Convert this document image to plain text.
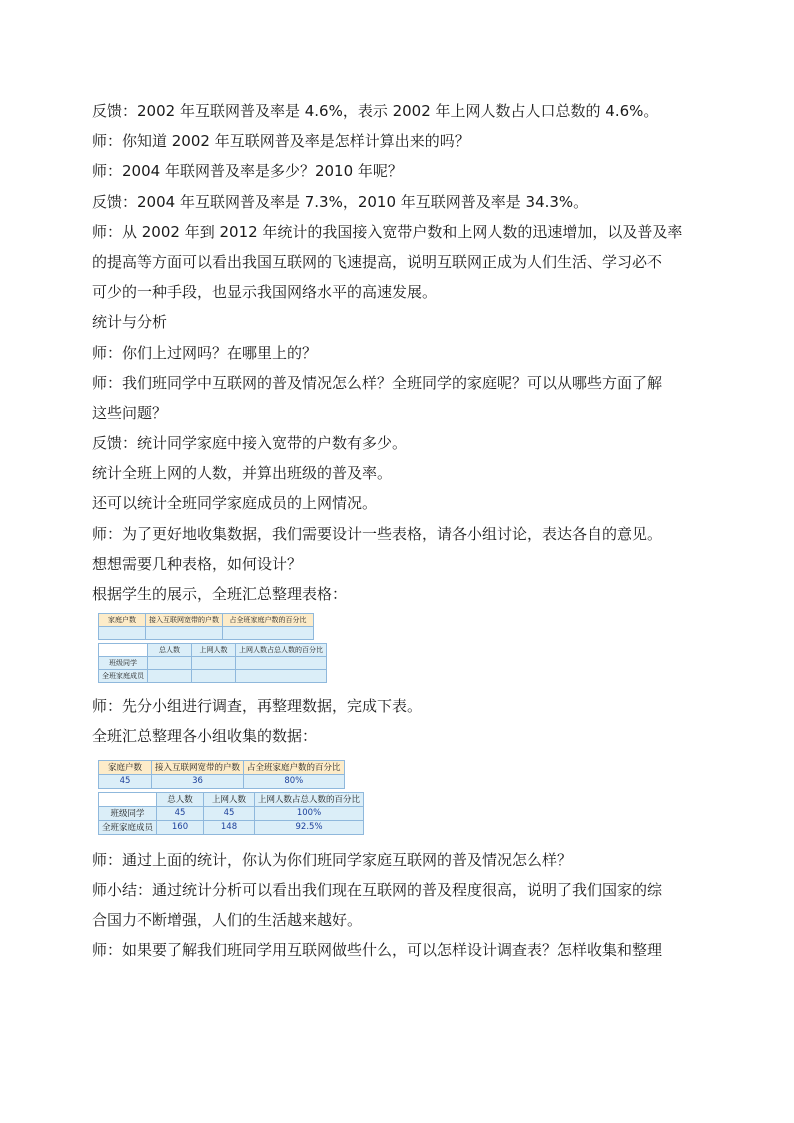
反馈：2002 年互联网普及率是 4.6%，表示 2002 年上网人数占人口总数的 4.6%。
师：你知道 2002 年互联网普及率是怎样计算出来的吗？
师：2004 年联网普及率是多少？2010 年呢？
反馈：2004 年互联网普及率是 7.3%，2010 年互联网普及率是 34.3%。
师：从 2002 年到 2012 年统计的我国接入宽带户数和上网人数的迅速增加，以及普及率
的提高等方面可以看出我国互联网的飞速提高，说明互联网正成为人们生活、学习必不
可少的一种手段，也显示我国网络水平的高速发展。
统计与分析
师：你们上过网吗？在哪里上的？
师：我们班同学中互联网的普及情况怎么样？全班同学的家庭呢？可以从哪些方面了解
这些问题？
反馈：统计同学家庭中接入宽带的户数有多少。
统计全班上网的人数，并算出班级的普及率。
还可以统计全班同学家庭成员的上网情况。
师：为了更好地收集数据，我们需要设计一些表格，请各小组讨论，表达各自的意见。
想想需要几种表格，如何设计？
根据学生的展示，全班汇总整理表格：
家庭户数	接入互联网宽带的户数	占全班家庭户数的百分比

	总人数	上网人数	上网人数占总人数的百分比
班级同学			
全班家庭成员			
师：先分小组进行调查，再整理数据，完成下表。
全班汇总整理各小组收集的数据：
家庭户数	接入互联网宽带的户数	占全班家庭户数的百分比
45	36	80%
	总人数	上网人数	上网人数占总人数的百分比
班级同学	45	45	100%
全班家庭成员	160	148	92.5%
师：通过上面的统计，你认为你们班同学家庭互联网的普及情况怎么样？
师小结：通过统计分析可以看出我们现在互联网的普及程度很高，说明了我们国家的综
合国力不断增强，人们的生活越来越好。
师：如果要了解我们班同学用互联网做些什么，可以怎样设计调查表？怎样收集和整理
